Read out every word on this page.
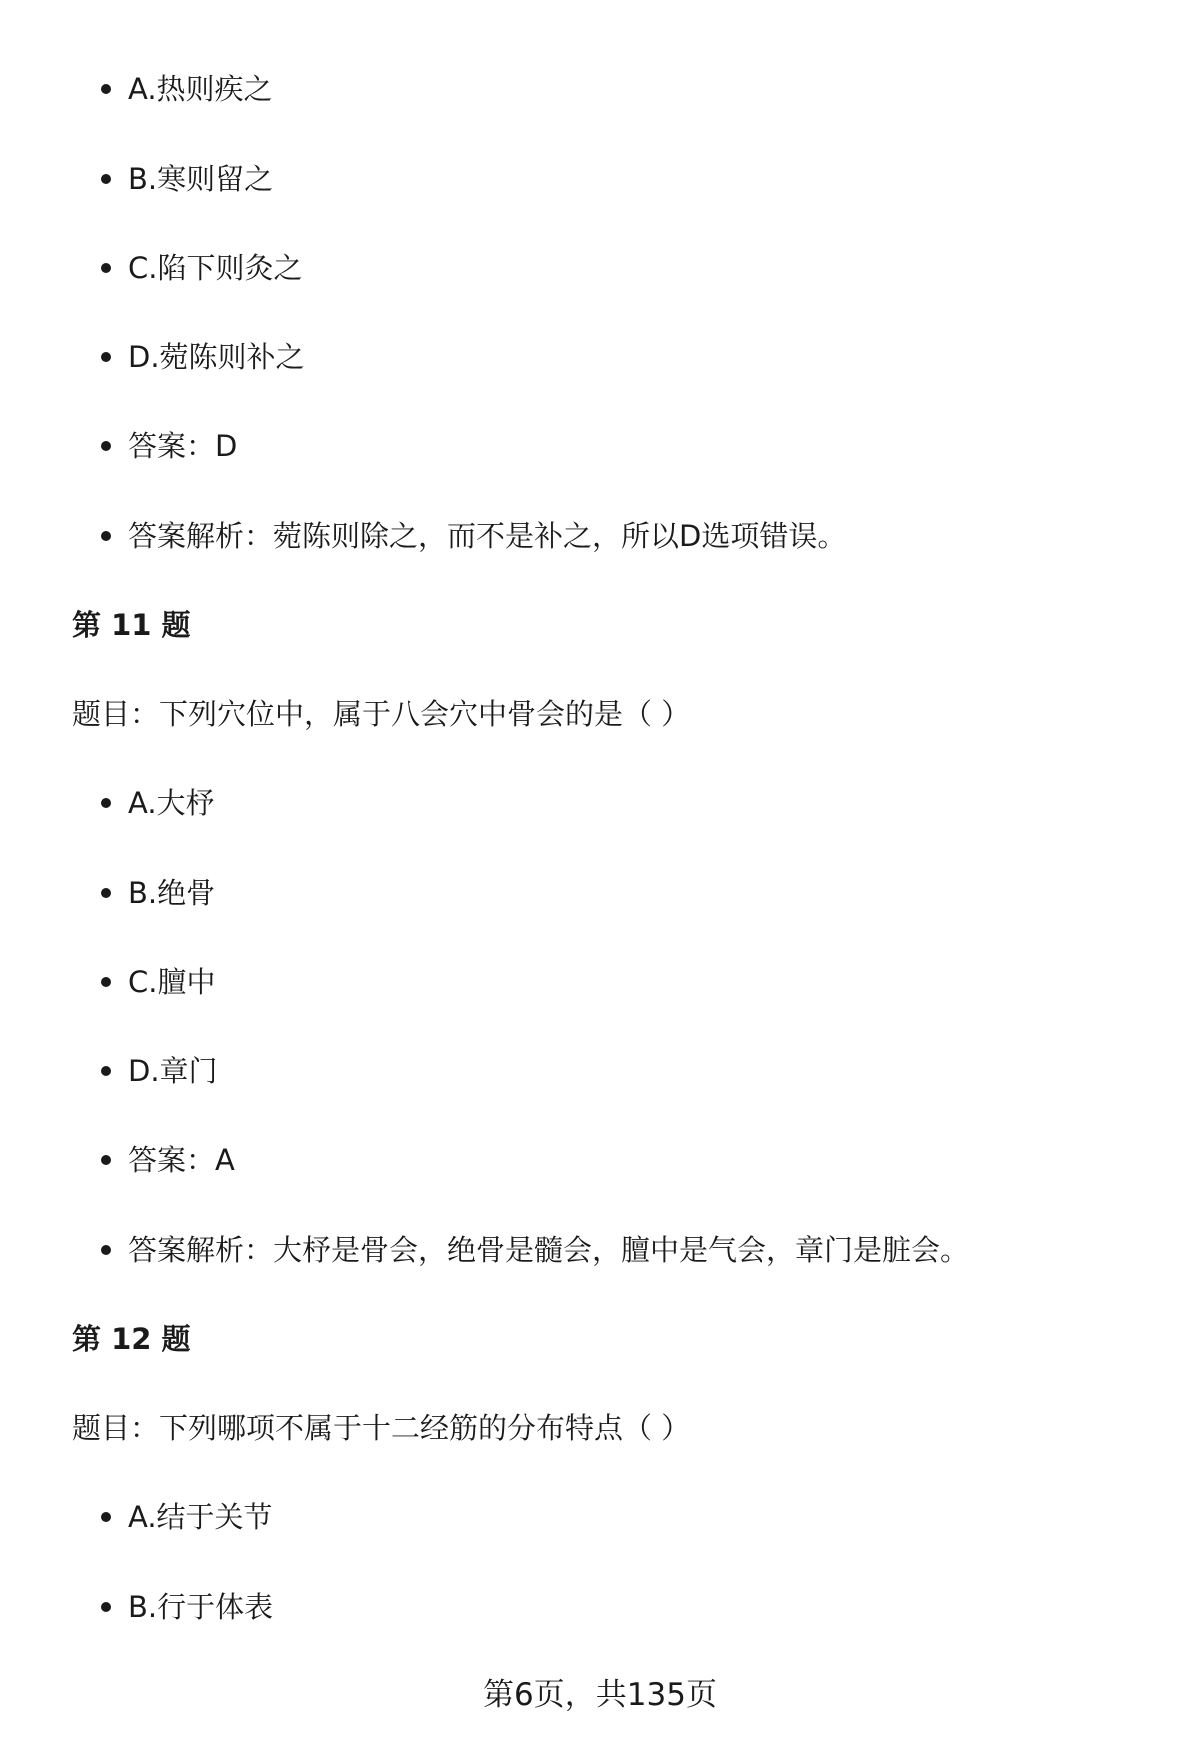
A.热则疾之
B.寒则留之
C.陷下则灸之
D.菀陈则补之
答案：D
答案解析：菀陈则除之，而不是补之，所以D选项错误。
第 11 题
题目：下列穴位中，属于八会穴中骨会的是（ ）
A.大杼
B.绝骨
C.膻中
D.章门
答案：A
答案解析：大杼是骨会，绝骨是髓会，膻中是气会，章门是脏会。
第 12 题
题目：下列哪项不属于十二经筋的分布特点（ ）
A.结于关节
B.行于体表
第6页，共135页
